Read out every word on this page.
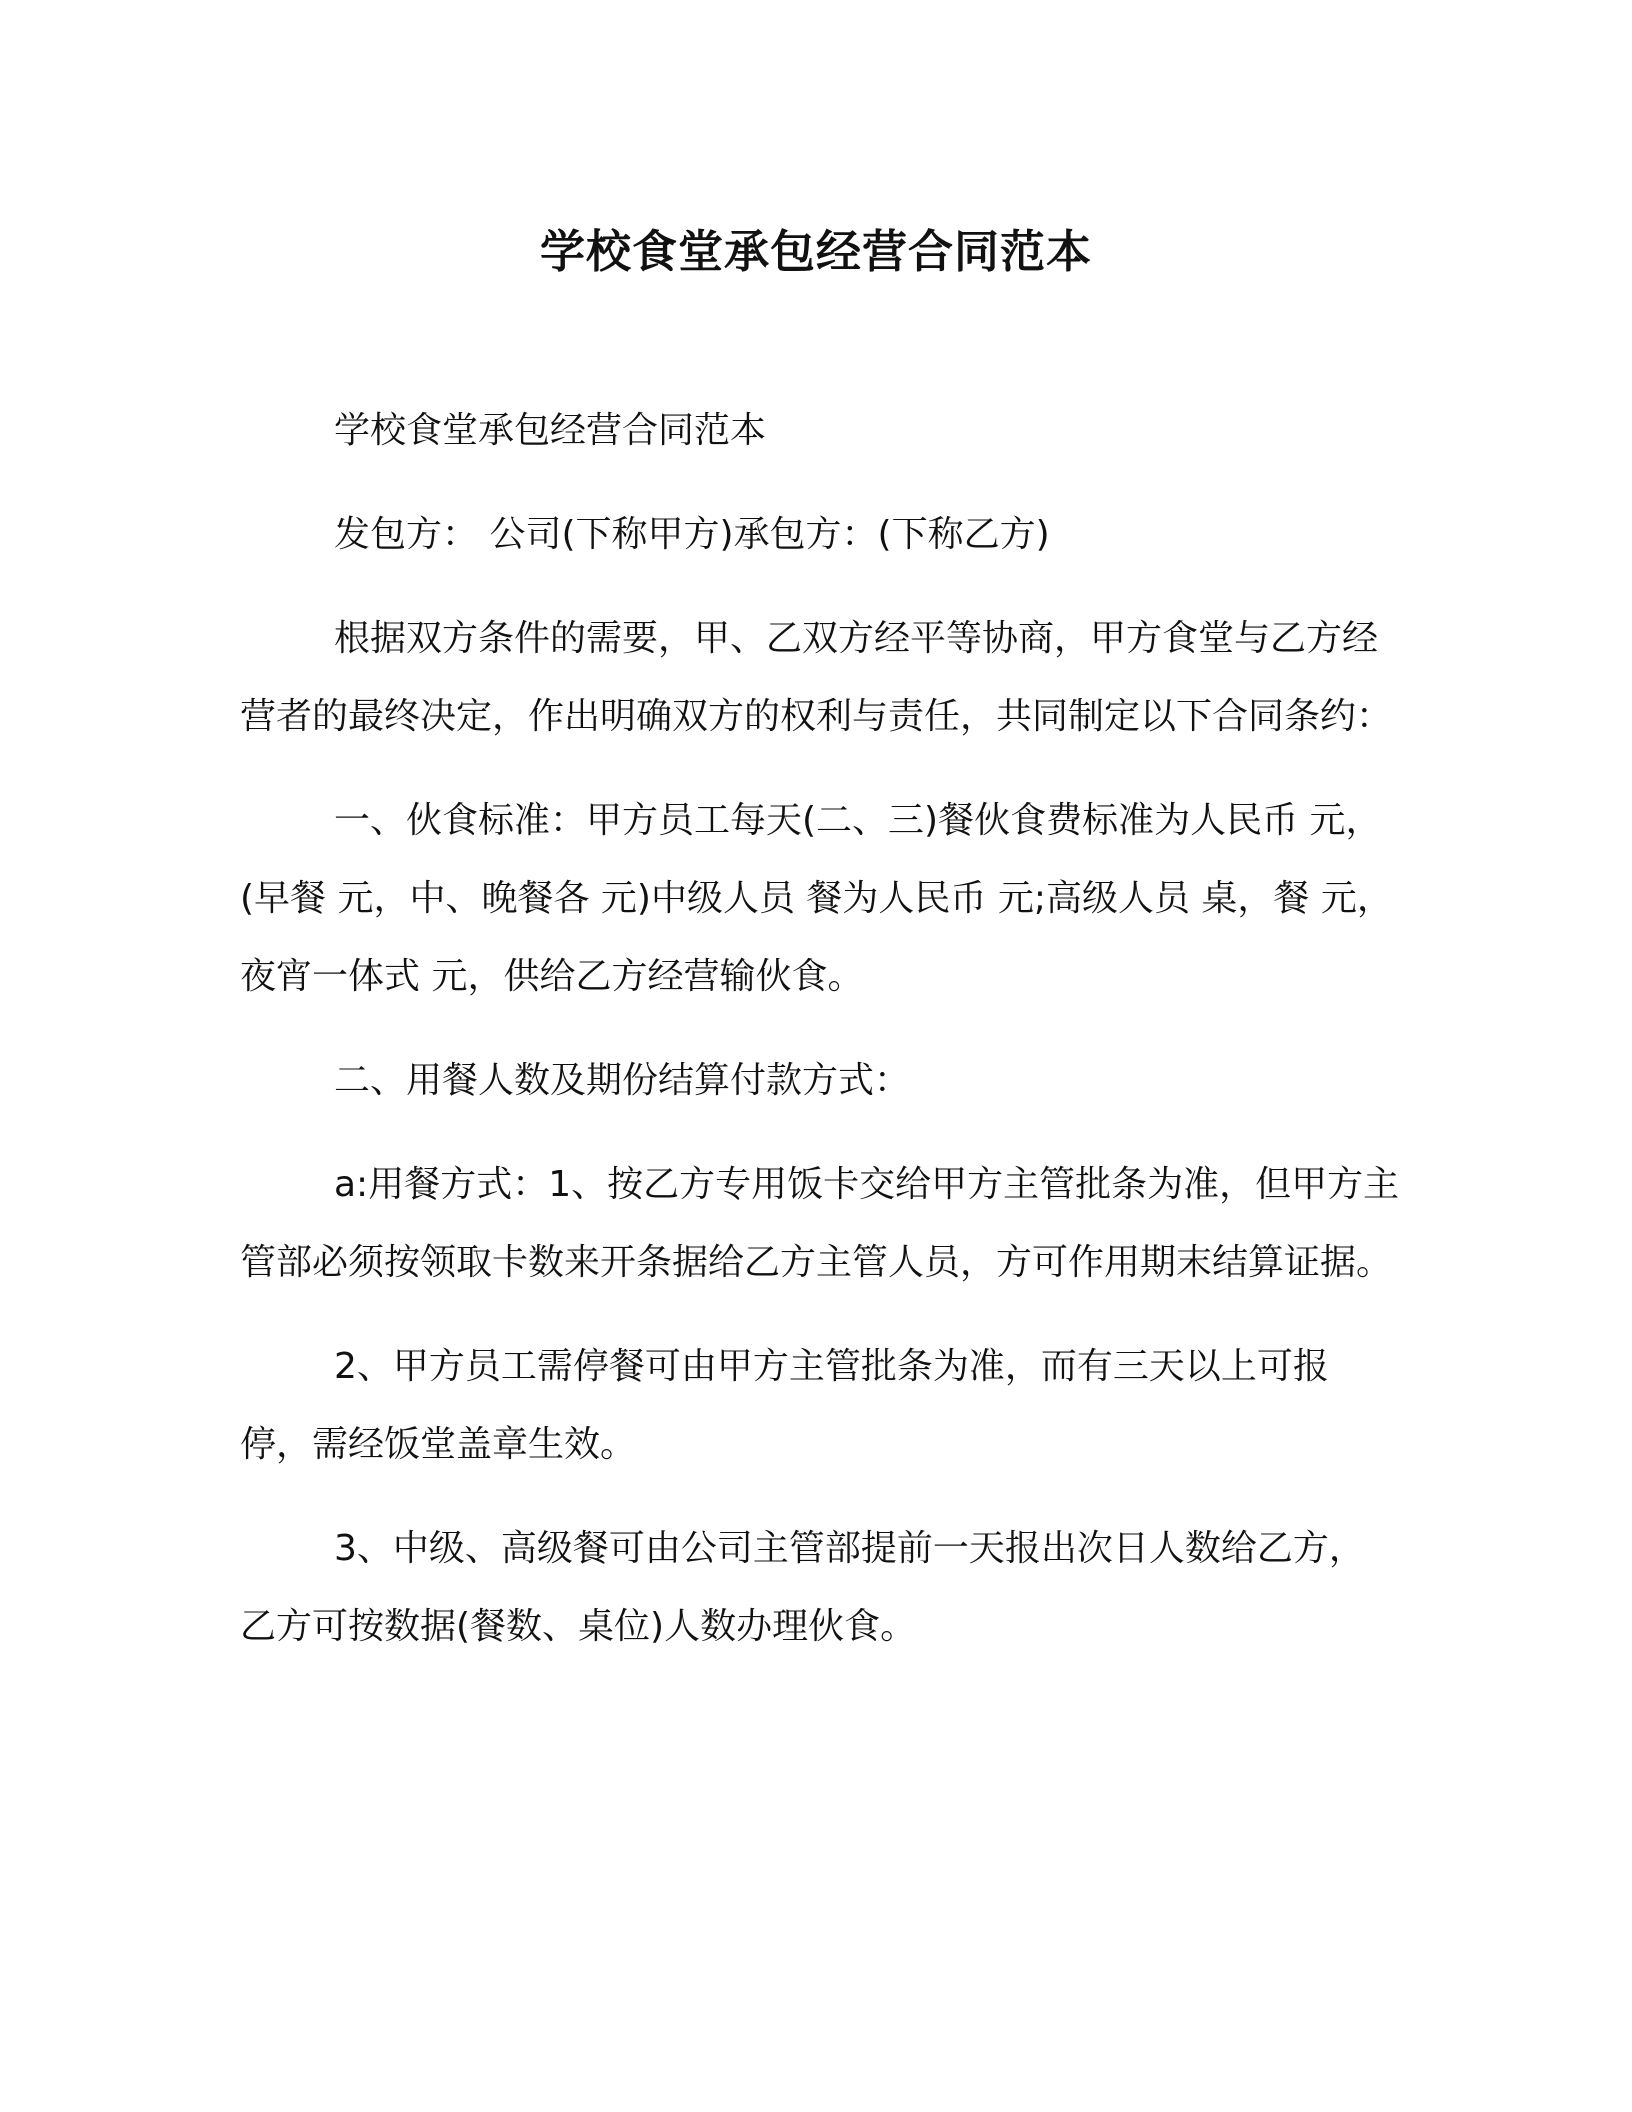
学校食堂承包经营合同范本

学校食堂承包经营合同范本

发包方： 公司(下称甲方)承包方：(下称乙方)

根据双方条件的需要，甲、乙双方经平等协商，甲方食堂与乙方经营者的最终决定，作出明确双方的权利与责任，共同制定以下合同条约：

一、伙食标准：甲方员工每天(二、三)餐伙食费标准为人民币 元，(早餐 元，中、晚餐各 元)中级人员 餐为人民币 元;高级人员 桌，餐 元，夜宵一体式 元，供给乙方经营输伙食。

二、用餐人数及期份结算付款方式：

a:用餐方式：1、按乙方专用饭卡交给甲方主管批条为准，但甲方主管部必须按领取卡数来开条据给乙方主管人员，方可作用期末结算证据。

2、甲方员工需停餐可由甲方主管批条为准，而有三天以上可报停，需经饭堂盖章生效。

3、中级、高级餐可由公司主管部提前一天报出次日人数给乙方，乙方可按数据(餐数、桌位)人数办理伙食。
